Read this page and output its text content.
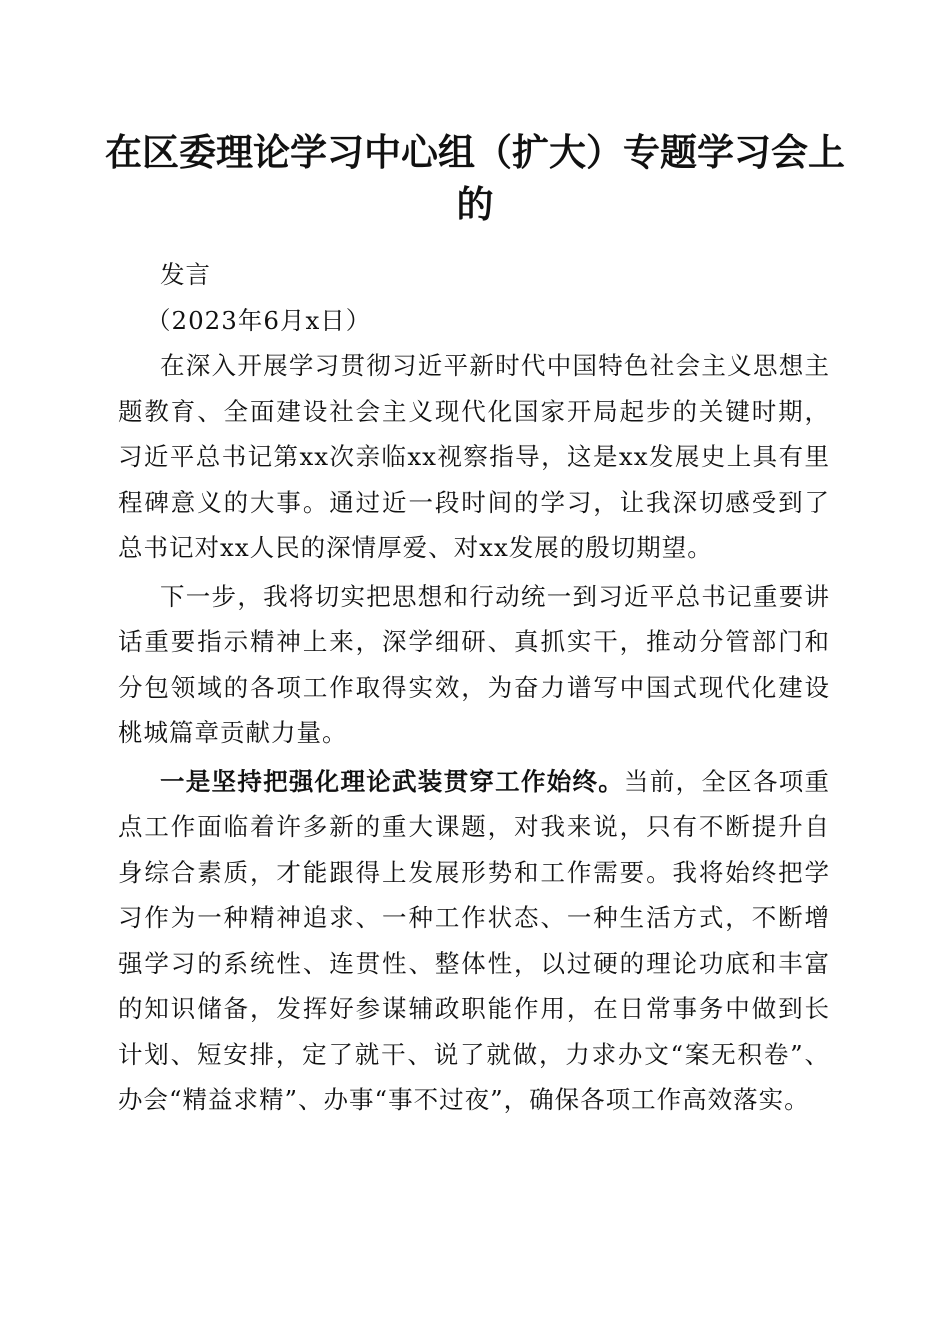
在区委理论学习中心组（扩大）专题学习会上
的

发言

（2023年6月x日）

在深入开展学习贯彻习近平新时代中国特色社会主义思想主题教育、全面建设社会主义现代化国家开局起步的关键时期，习近平总书记第xx次亲临xx视察指导，这是xx发展史上具有里程碑意义的大事。通过近一段时间的学习，让我深切感受到了总书记对xx人民的深情厚爱、对xx发展的殷切期望。

下一步，我将切实把思想和行动统一到习近平总书记重要讲话重要指示精神上来，深学细研、真抓实干，推动分管部门和分包领域的各项工作取得实效，为奋力谱写中国式现代化建设桃城篇章贡献力量。

一是坚持把强化理论武装贯穿工作始终。当前，全区各项重点工作面临着许多新的重大课题，对我来说，只有不断提升自身综合素质，才能跟得上发展形势和工作需要。我将始终把学习作为一种精神追求、一种工作状态、一种生活方式，不断增强学习的系统性、连贯性、整体性，以过硬的理论功底和丰富的知识储备，发挥好参谋辅政职能作用，在日常事务中做到长计划、短安排，定了就干、说了就做，力求办文“案无积卷”、办会“精益求精”、办事“事不过夜”，确保各项工作高效落实。
